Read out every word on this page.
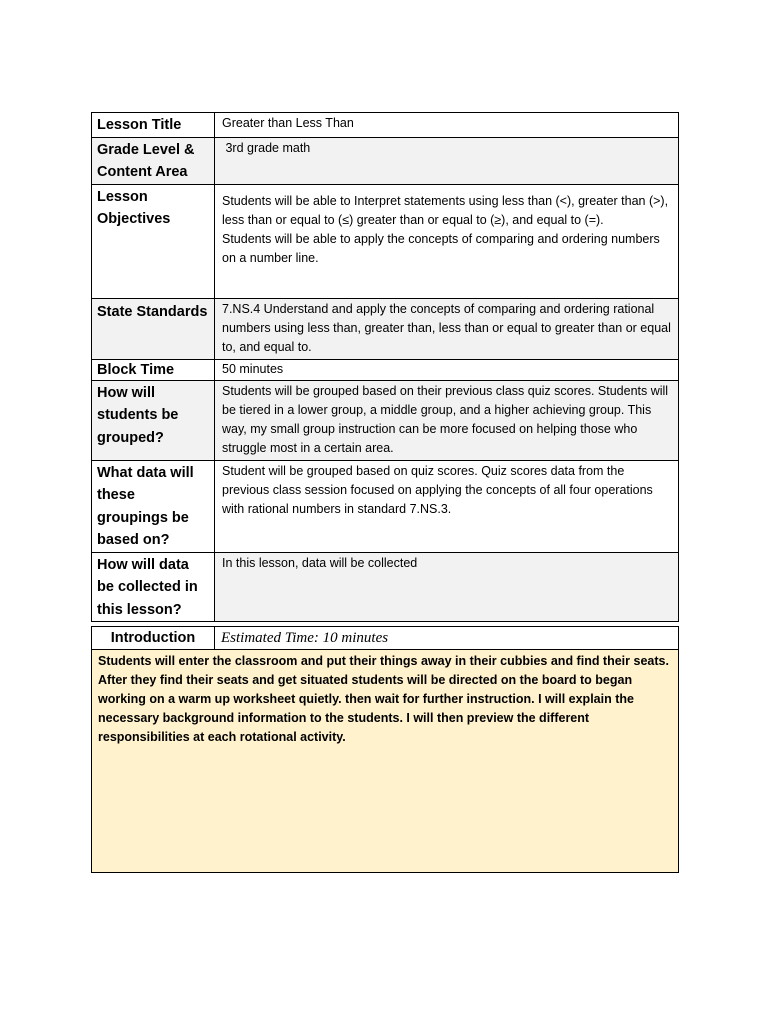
Lesson Title	Greater than Less Than
Grade Level & Content Area	3rd grade math
Lesson Objectives	Students will be able to Interpret statements using less than (<), greater than (>), less than or equal to (≤) greater than or equal to (≥), and equal to (=).

Students will be able to apply the concepts of comparing and ordering numbers on a number line.

State Standards	7.NS.4 Understand and apply the concepts of comparing and ordering rational numbers using less than, greater than, less than or equal to greater than or equal to, and equal to.
Block Time	50 minutes
How will students be grouped?	Students will be grouped based on their previous class quiz scores. Students will be tiered in a lower group, a middle group, and a higher achieving group. This way, my small group instruction can be more focused on helping those who struggle most in a certain area.
What data will these groupings be based on?	Student will be grouped based on quiz scores. Quiz scores data from the previous class session focused on applying the concepts of all four operations with rational numbers in standard 7.NS.3.
How will data be collected in this lesson?	In this lesson, data will be collected
Introduction	Estimated Time: 10 minutes
Students will enter the classroom and put their things away in their cubbies and find their seats. After they find their seats and get situated students will be directed on the board to began working on a warm up worksheet quietly. then wait for further instruction. I will explain the necessary background information to the students. I will then preview the different responsibilities at each rotational activity.
